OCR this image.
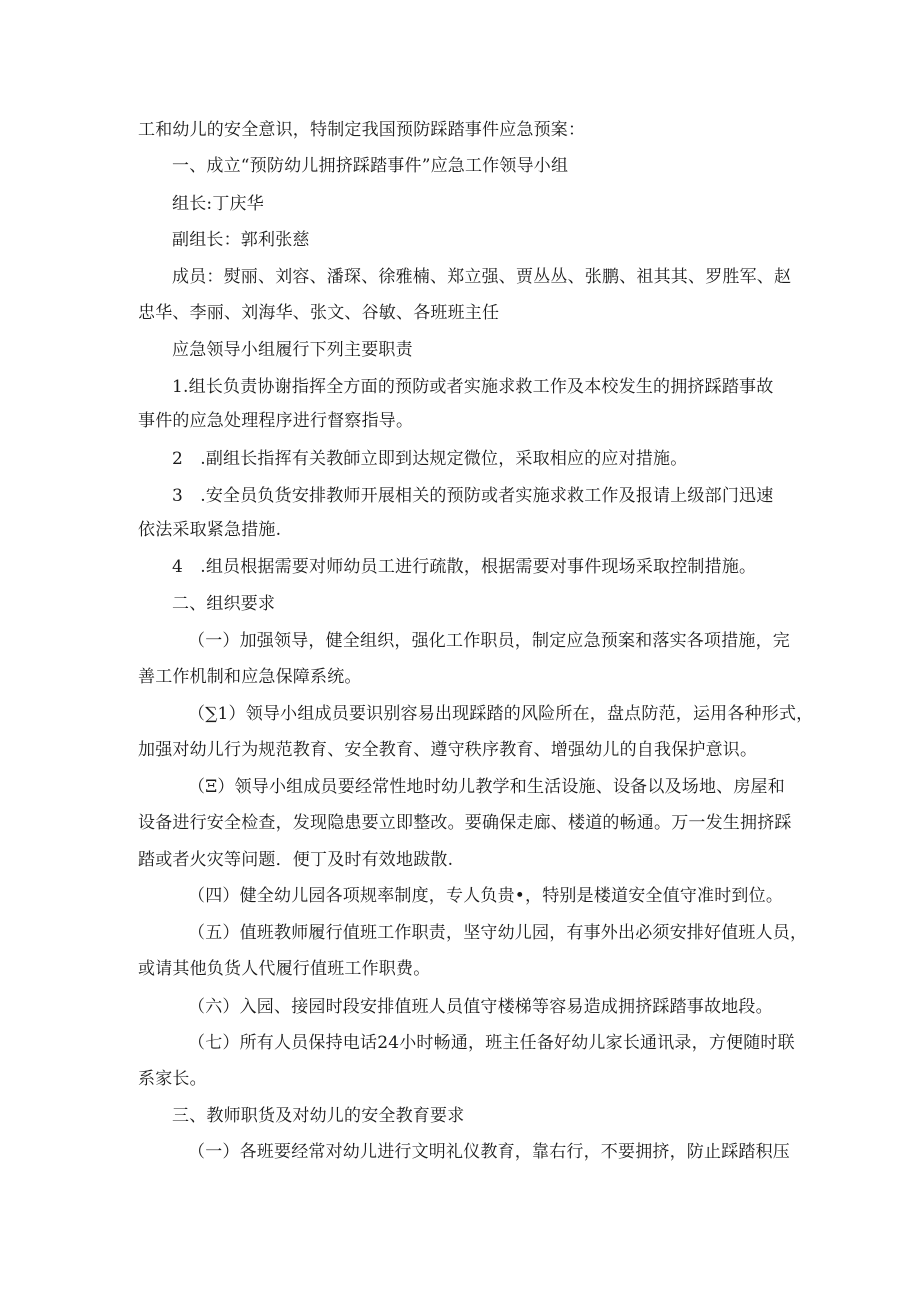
工和幼儿的安全意识，特制定我国预防踩踏事件应急预案：
一、成立“预防幼儿拥挤踩踏事件”应急工作领导小组
组长:丁庆华
副组长：郭利张慈
成员：熨丽、刘容、潘琛、徐雅楠、郑立强、贾丛丛、张鹏、祖其其、罗胜军、赵
忠华、李丽、刘海华、张文、谷敏、各班班主任
应急领导小组履行下列主要职责
1.组长负责协谢指挥全方面的预防或者实施求救工作及本校发生的拥挤踩踏事故
事件的应急处理程序进行督察指导。
2　.副组长指挥有关教師立即到达规定微位，采取相应的应对措施。
3　.安全员负货安排教师开展相关的预防或者实施求救工作及报请上级部门迅速
依法采取紧急措施.
4　.组员根据需要对师幼员工进行疏散，根据需要对事件现场采取控制措施。
二、组织要求
（一）加强领导，健全组织，强化工作职员，制定应急预案和落实各项措施，完
善工作机制和应急保障系统。
（∑1）领导小组成员要识别容易出现踩踏的风险所在，盘点防范，运用各种形式，
加强对幼儿行为规范教育、安全教育、遵守秩序教育、增强幼儿的自我保护意识。
（Ξ）领导小组成员要经常性地时幼儿教学和生活设施、设备以及场地、房屋和
设备进行安全检查，发现隐患要立即整改。要确保走廊、楼道的畅通。万一发生拥挤踩
踏或者火灾等问题．便丁及时有效地跋散.
（四）健全幼儿园各项规率制度，专人负贵•，特别是楼道安全值守准时到位。
（五）值班教师履行值班工作职责，坚守幼儿园，有事外出必须安排好值班人员，
或请其他负货人代履行值班工作职费。
（六）入园、接园时段安排值班人员值守楼梯等容易造成拥挤踩踏事故地段。
（七）所有人员保持电话24小时畅通，班主任备好幼儿家长通讯录，方便随时联
系家长。
三、教师职货及对幼儿的安全教育要求
（一）各班要经常对幼儿进行文明礼仪教育，靠右行，不要拥挤，防止踩踏积压
